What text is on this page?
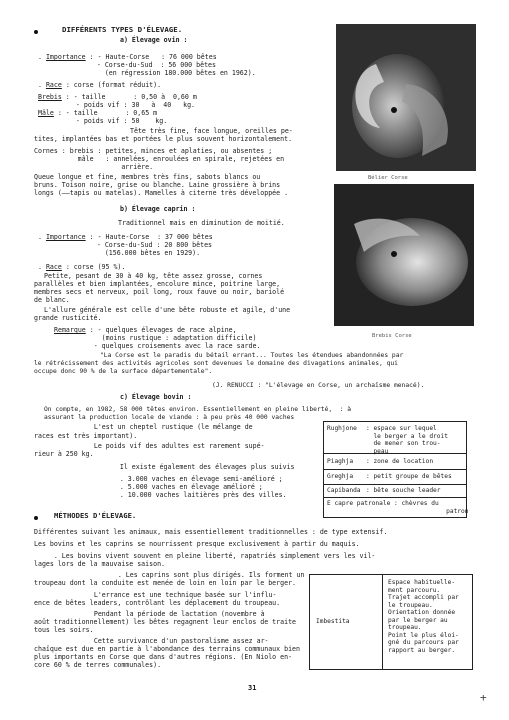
DIFFÉRENTS TYPES D'ÉLEVAGE.
a) Élevage ovin :
. Importance : - Haute-Corse   : 76 000 bêtes
- Corse-du-Sud  : 56 000 bêtes
(en régression 180.000 bêtes en 1962).
. Race : corse (format réduit).
Brebis : - taille       : 0,50 à  0,60 m
- poids vif : 30   à  40   kg.
Mâle : - taille       : 0,65 m
- poids vif : 50    kg.
Tête très fine, face longue, oreilles pe-
tites, implantées bas et portées le plus souvent horizontalement.
Cornes : brebis : petites, minces et aplaties, ou absentes ;
mâle   : annelées, enroulées en spirale, rejetées en
arrière.
Queue longue et fine, membres très fins, sabots blancs ou
bruns. Toison noire, grise ou blanche. Laine grossière à brins
longs (——tapis ou matelas). Mamelles à citerne très développée .
Bélier Corse
Brebis Corse
b) Élevage caprin :
Traditionnel mais en diminution de moitié.
. Importance : - Haute-Corse  : 37 000 bêtes
- Corse-du-Sud : 20 800 bêtes
(156.000 bêtes en 1929).
. Race : corse (95 %).
Petite, pesant de 30 à 40 kg, tête assez grosse, cornes
parallèles et bien implantées, encolure mince, poitrine large,
membres secs et nerveux, poil long, roux fauve ou noir, bariolé
de blanc.
L'allure générale est celle d'une bête robuste et agile, d'une
grande rusticité.
Remarque : - quelques élevages de race alpine,
(moins rustique : adaptation difficile)
- quelques croisements avec la race sarde.
"La Corse est le paradis du bétail errant... Toutes les étendues abandonnées par
le rétrécissement des activités agricoles sont devenues le domaine des divagations animales, qui
occupe donc 90 % de la surface départementale".
(J. RENUCCI : "L'élevage en Corse, un archaïsme menacé).
c) Élevage bovin :
On compte, en 1982, 58 000 têtes environ. Essentiellement en pleine liberté,  : à
assurant la production locale de viande : à peu près 40 000 vaches
L'est un cheptel rustique (le mélange de
races est très important).
Le poids vif des adultes est rarement supé-
rieur à 250 kg.
Il existe également des élevages plus suivis
. 3.000 vaches en élevage semi-amélioré ;
. 5.000 vaches en élevage amélioré ;
. 10.000 vaches laitières près des villes.
Rughjone : espace sur lequel
le berger a le droit
de mener son trou-
peau
Piaghja : zone de location
Greghja : petit groupe de bêtes
Capibanda : bête souche leader
E capre patronale : chèvres du
patron
MÉTHODES D'ÉLEVAGE.
Différentes suivant les animaux, mais essentiellement traditionnelles : de type extensif.
Les bovins et les caprins se nourrissent presque exclusivement à partir du maquis.
. Les bovins vivent souvent en pleine liberté, rapatriés simplement vers les vil-
lages lors de la mauvaise saison.
. Les caprins sont plus dirigés. Ils forment un
troupeau dont la conduite est menée de loin en loin par le berger.
L'errance est une technique basée sur l'influ-
ence de bêtes leaders, contrôlant les déplacement du troupeau.
Pendant la période de lactation (novembre à
août traditionnellement) les bêtes regagnent leur enclos de traite
tous les soirs.
Cette survivance d'un pastoralisme assez ar-
chaïque est due en partie à l'abondance des terrains communaux bien
plus importants en Corse que dans d'autres régions. (En Niolo en-
core 60 % de terres communales).
Imbestita
Espace habituelle-
ment parcouru.
Trajet accompli par
le troupeau.
Orientation donnée
par le berger au
troupeau.
Point le plus éloi-
gné du parcours par
rapport au berger.
31
+
